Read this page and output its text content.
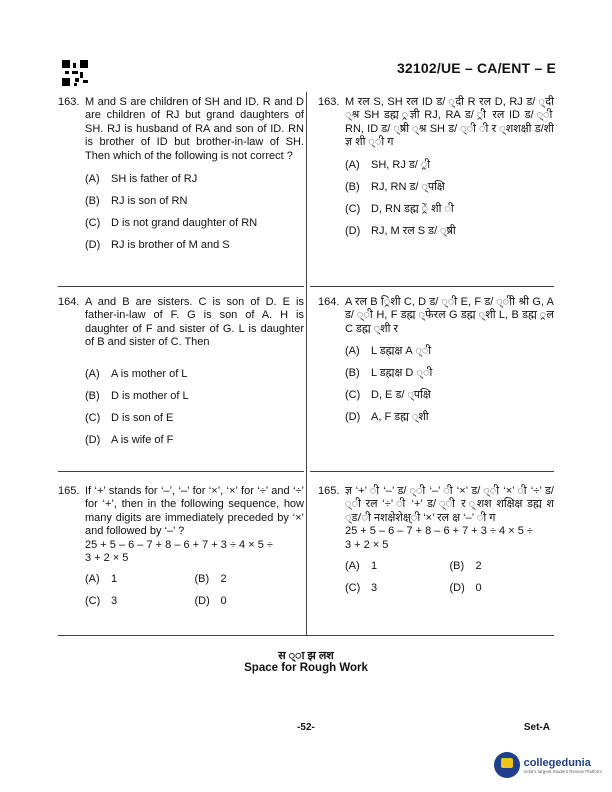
32102/UE – CA/ENT – E
163. M and S are children of SH and ID. R and D are children of RJ but grand daughters of SH. RJ is husband of RA and son of ID. RN is brother of ID but brother-in-law of SH. Then which of the following is not correct ?
(A)	SH is father of RJ
(B)	RJ is son of RN
(C) D is not grand daughter of RN
(D) RJ is brother of M and S
164. A and B are sisters. C is son of D. E is father-in-law of F. G is son of A. H is daughter of F and sister of G. L is daughter of B and sister of C. Then
(A)	A is mother of L
(B)	D is mother of L
(C) D is son of E
(D) A is wife of F
165. If ‘+’ stands for ‘–’, ‘–’ for ‘×’, ‘×’ for ‘÷’ and ‘÷’ for ‘+’, then in the following sequence, how many digits are immediately preceded by ‘×’ and followed by ‘–’ ?
25 + 5 – 6 – 7 + 8 – 6 + 7 + 3 ÷ 4 × 5 ÷
3 + 2 × 5
(A)	1	(B)	2
(C) 3	(D) 0
163. M रल S, SH रल ID ड/ ्दी R रल D, RJ ड/ ्दी ्श्र SH डह्म ्रज्ञी RJ, RA ड/ ्री रल ID ड/ ्ी RN, ID ड/ ्ष्री ्श्र SH ड/ ्ी ी र ्शशक्षी ड/शी ज्ञ शी ्ी ग
(A)	SH, RJ ड/ ्री
(B)	RJ, RN ड/ ्पक्षि
(C) D, RN डह्म ्रें शी ी
(D) RJ, M रल S ड/ ्ष्री
164. A रल B ्रिशी C, D ड/ ्ी E, F ड/ ्ीी श्री G, A ड/ ्ी H, F डह्म ्फेरल G डह्म ्शी L, B डह्म ्रल C डह्म ्शी र
(A)	L डह्मक्ष A ्ी
(B)	L डह्मक्ष D ्ी
(C) D, E ड/ ्पक्षि
(D) A, F डह्म ्शी
165. ज्ञ ‘+’ ी ‘–’ ड/ ्ी ‘–’ ी ‘×’ ड/ ्ी ‘×’ ी ‘÷’ ड/ ्ी रल ‘÷’ ी ‘+’ ड/ ्ी र ्शश शक्षिक्ष डह्म श ्ड/ी नशक्षेशेक्ष्ी ‘×’ रल क्ष ‘–’ ी ग
25 + 5 – 6 – 7 + 8 – 6 + 7 + 3 ÷ 4 × 5 ÷
3 + 2 × 5
(A)	1	(B)	2
(C) 3	(D) 0
स ्ा झ लश
Space for Rough Work
-52-	Set-A
collegedunia
India's largest Student Review Platform
